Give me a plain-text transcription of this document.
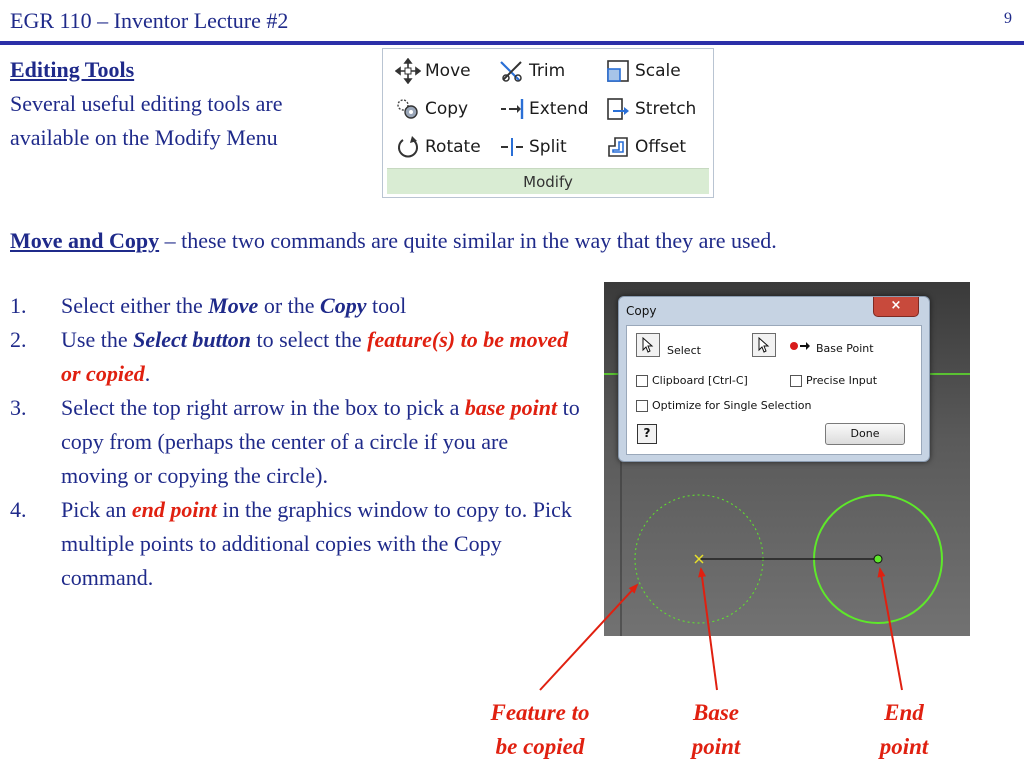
EGR 110 – Inventor Lecture #2	9
Editing Tools
Several useful editing tools are
available on the Modify Menu
Move
Copy
Rotate
Trim
Extend
Split
Scale
Stretch
Offset
Modify
Move and Copy – these two commands are quite similar in the way that they are used.
1. Select either the Move or the Copy tool
2. Use the Select button to select the feature(s) to be moved or copied.
3. Select the top right arrow in the box to pick a base point to copy from (perhaps the center of a circle if you are moving or copying the circle).
4. Pick an end point in the graphics window to copy to. Pick multiple points to additional copies with the Copy command.
Copy	×
Select	Base Point
Clipboard [Ctrl-C]	Precise Input
Optimize for Single Selection
?	Done
Feature to
be copied
Base
point
End
point
